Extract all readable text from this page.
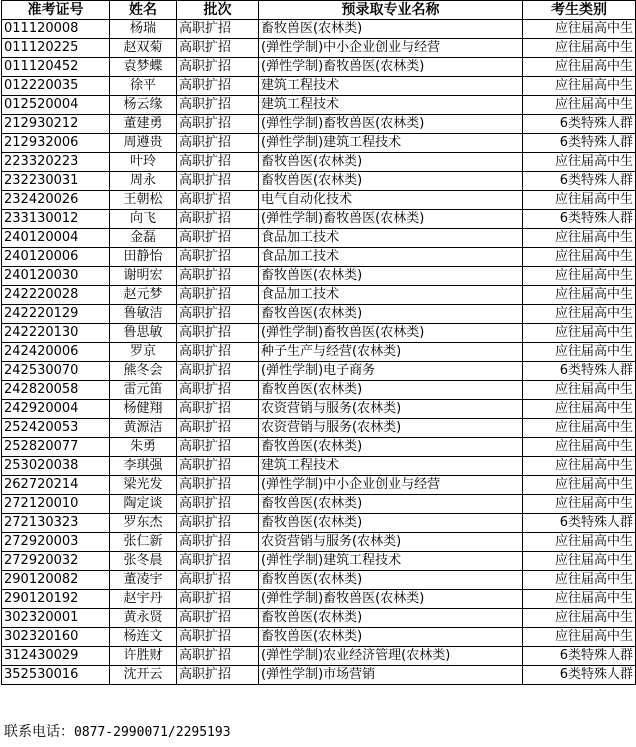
准考证号	姓名	批次	预录取专业名称	考生类别
011120008	杨瑞	高职扩招	畜牧兽医(农林类)	应往届高中生
011120225	赵双菊	高职扩招	(弹性学制)中小企业创业与经营	应往届高中生
011120452	袁梦蝶	高职扩招	(弹性学制)畜牧兽医(农林类)	应往届高中生
012220035	徐平	高职扩招	建筑工程技术	应往届高中生
012520004	杨云缘	高职扩招	建筑工程技术	应往届高中生
212930212	董建勇	高职扩招	(弹性学制)畜牧兽医(农林类)	6类特殊人群
212932006	周遵贵	高职扩招	(弹性学制)建筑工程技术	6类特殊人群
223320223	叶玲	高职扩招	畜牧兽医(农林类)	应往届高中生
232230031	周永	高职扩招	畜牧兽医(农林类)	6类特殊人群
232420026	王朝松	高职扩招	电气自动化技术	应往届高中生
233130012	向飞	高职扩招	(弹性学制)畜牧兽医(农林类)	6类特殊人群
240120004	金磊	高职扩招	食品加工技术	应往届高中生
240120006	田静怡	高职扩招	食品加工技术	应往届高中生
240120030	谢明宏	高职扩招	畜牧兽医(农林类)	应往届高中生
242220028	赵元梦	高职扩招	食品加工技术	应往届高中生
242220129	鲁敏洁	高职扩招	畜牧兽医(农林类)	应往届高中生
242220130	鲁思敏	高职扩招	(弹性学制)畜牧兽医(农林类)	应往届高中生
242420006	罗京	高职扩招	种子生产与经营(农林类)	应往届高中生
242530070	熊冬会	高职扩招	(弹性学制)电子商务	6类特殊人群
242820058	雷元笛	高职扩招	畜牧兽医(农林类)	应往届高中生
242920004	杨健翔	高职扩招	农资营销与服务(农林类)	应往届高中生
252420053	黄源洁	高职扩招	农资营销与服务(农林类)	应往届高中生
252820077	朱勇	高职扩招	畜牧兽医(农林类)	应往届高中生
253020038	李琪强	高职扩招	建筑工程技术	应往届高中生
262720214	梁光发	高职扩招	(弹性学制)中小企业创业与经营	应往届高中生
272120010	陶定谈	高职扩招	畜牧兽医(农林类)	应往届高中生
272130323	罗东杰	高职扩招	畜牧兽医(农林类)	6类特殊人群
272920003	张仁新	高职扩招	农资营销与服务(农林类)	应往届高中生
272920032	张冬晨	高职扩招	(弹性学制)建筑工程技术	应往届高中生
290120082	董凌宇	高职扩招	畜牧兽医(农林类)	应往届高中生
290120192	赵宇丹	高职扩招	(弹性学制)畜牧兽医(农林类)	应往届高中生
302320001	黄永贤	高职扩招	畜牧兽医(农林类)	应往届高中生
302320160	杨连文	高职扩招	畜牧兽医(农林类)	应往届高中生
312430029	许胜财	高职扩招	(弹性学制)农业经济管理(农林类)	6类特殊人群
352530016	沈开云	高职扩招	(弹性学制)市场营销	6类特殊人群
联系电话：0877-2990071/2295193
